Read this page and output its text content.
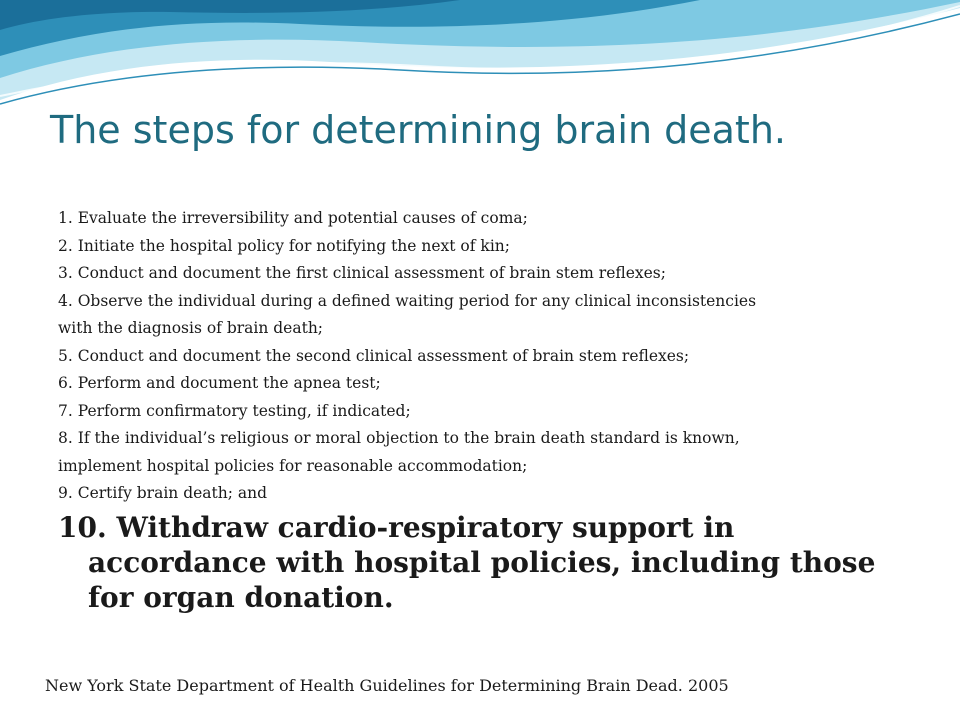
The steps for determining brain death.
1. Evaluate the irreversibility and potential causes of coma;
2. Initiate the hospital policy for notifying the next of kin;
3. Conduct and document the first clinical assessment of brain stem reflexes;
4. Observe the individual during a defined waiting period for any clinical inconsistencies
with the diagnosis of brain death;
5. Conduct and document the second clinical assessment of brain stem reflexes;
6. Perform and document the apnea test;
7. Perform confirmatory testing, if indicated;
8. If the individual’s religious or moral objection to the brain death standard is known,
implement hospital policies for reasonable accommodation;
9. Certify brain death; and
10. Withdraw cardio-respiratory support in accordance with hospital policies, including those for organ donation.
New York State Department of Health Guidelines for Determining Brain Dead. 2005
